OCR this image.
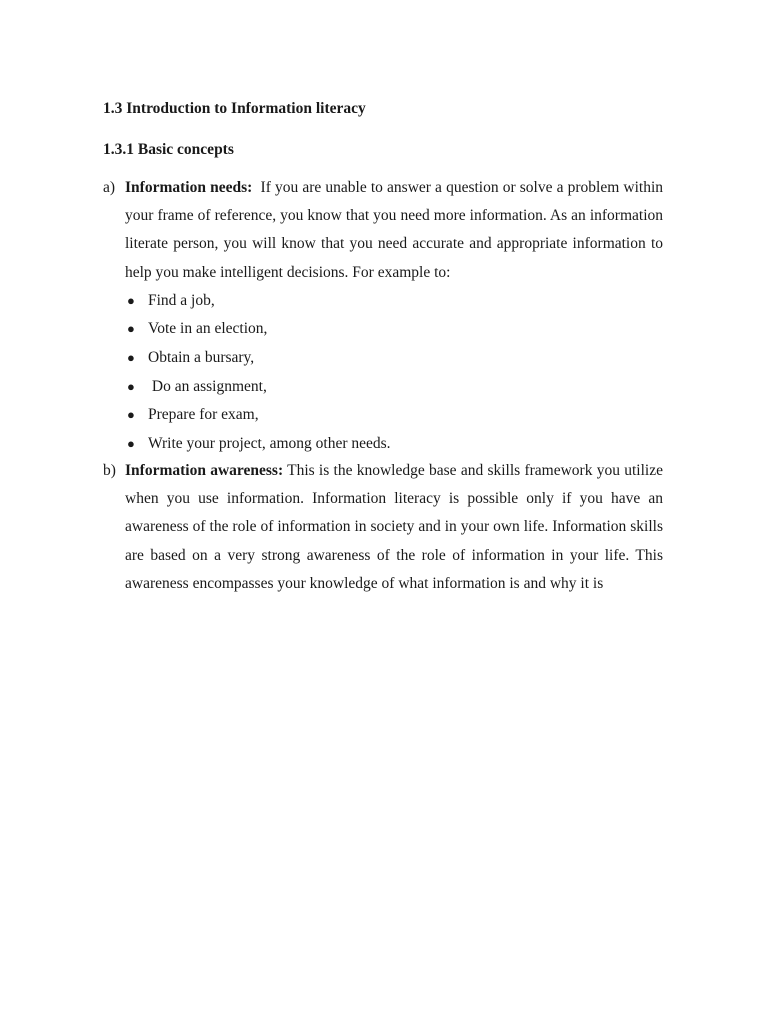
1.3 Introduction to Information literacy
1.3.1 Basic concepts
a) Information needs: If you are unable to answer a question or solve a problem within your frame of reference, you know that you need more information. As an information literate person, you will know that you need accurate and appropriate information to help you make intelligent decisions. For example to:
● Find a job,
● Vote in an election,
● Obtain a bursary,
● Do an assignment,
● Prepare for exam,
● Write your project, among other needs.
b) Information awareness: This is the knowledge base and skills framework you utilize when you use information. Information literacy is possible only if you have an awareness of the role of information in society and in your own life. Information skills are based on a very strong awareness of the role of information in your life. This awareness encompasses your knowledge of what information is and why it is
